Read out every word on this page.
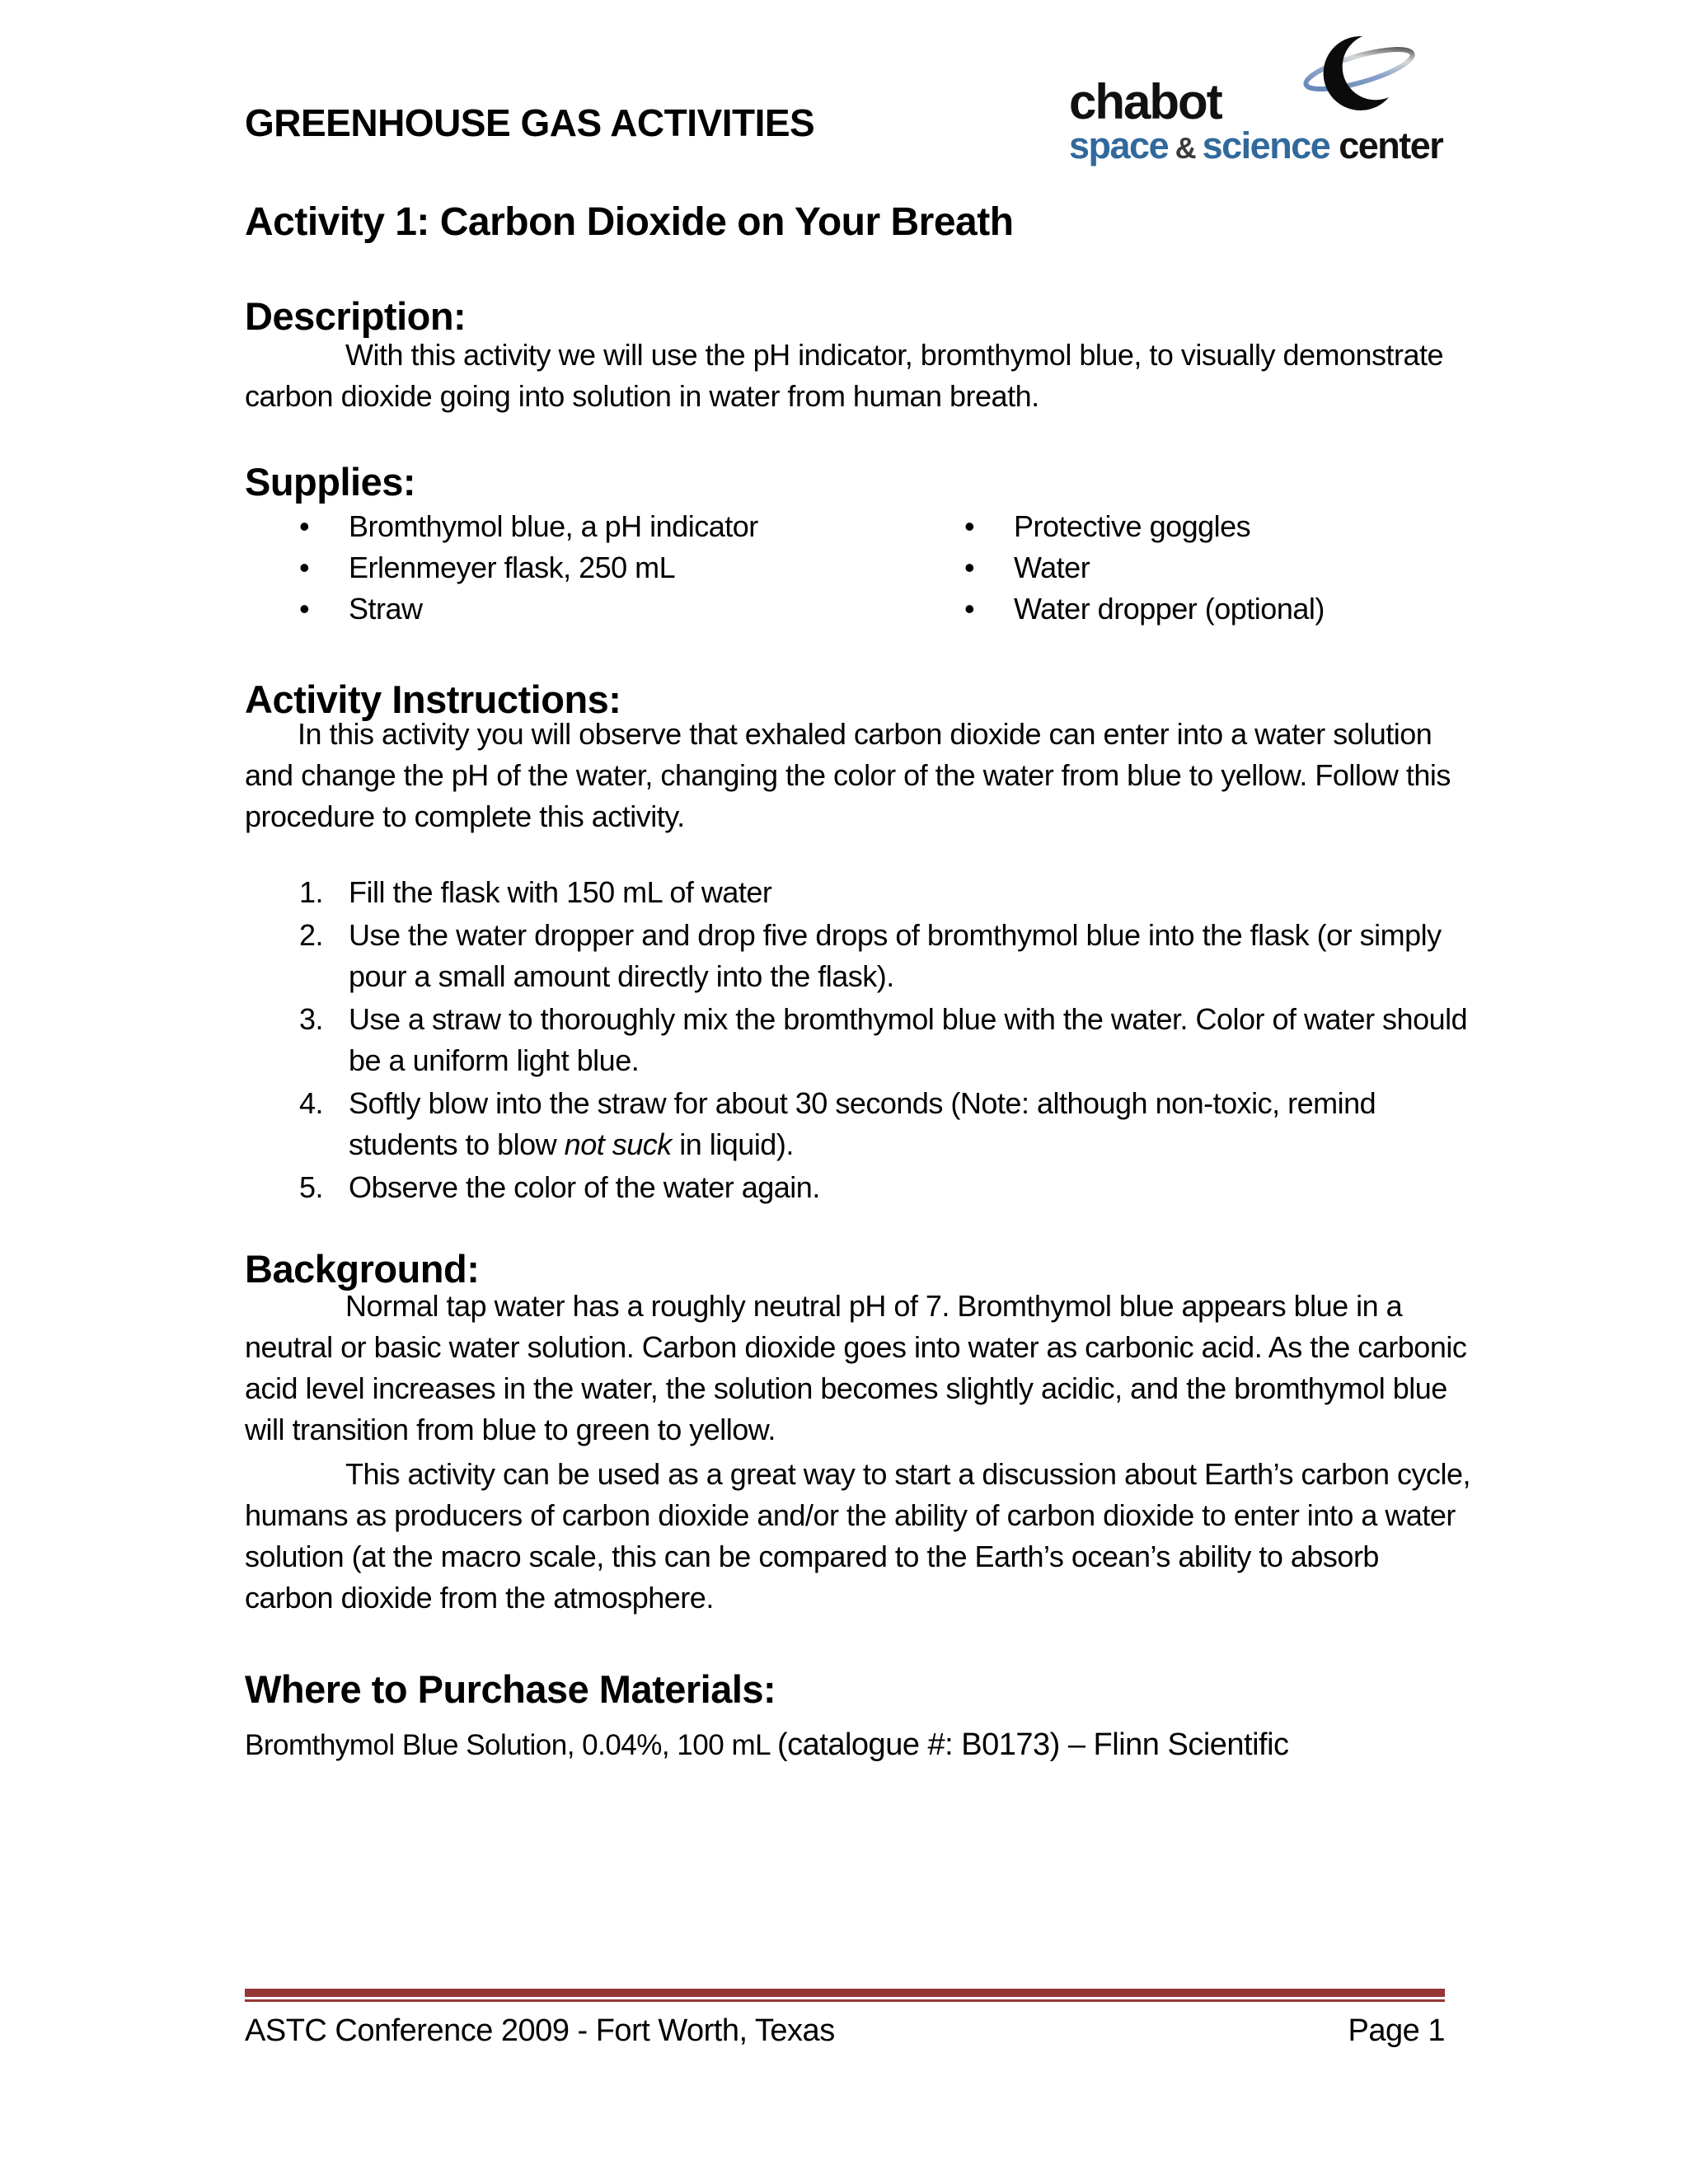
GREENHOUSE GAS ACTIVITIES	chabot
space & science center
Activity 1: Carbon Dioxide on Your Breath
Description:
With this activity we will use the pH indicator, bromthymol blue, to visually demonstrate carbon dioxide going into solution in water from human breath.
Supplies:
• Bromthymol blue, a pH indicator
• Erlenmeyer flask, 250 mL
• Straw
• Protective goggles
• Water
• Water dropper (optional)
Activity Instructions:
In this activity you will observe that exhaled carbon dioxide can enter into a water solution and change the pH of the water, changing the color of the water from blue to yellow. Follow this procedure to complete this activity.
1. Fill the flask with 150 mL of water
2. Use the water dropper and drop five drops of bromthymol blue into the flask (or simply pour a small amount directly into the flask).
3. Use a straw to thoroughly mix the bromthymol blue with the water. Color of water should be a uniform light blue.
4. Softly blow into the straw for about 30 seconds (Note: although non-toxic, remind students to blow not suck in liquid).
5. Observe the color of the water again.
Background:

Normal tap water has a roughly neutral pH of 7. Bromthymol blue appears blue in a neutral or basic water solution. Carbon dioxide goes into water as carbonic acid. As the carbonic acid level increases in the water, the solution becomes slightly acidic, and the bromthymol blue will transition from blue to green to yellow.

This activity can be used as a great way to start a discussion about Earth’s carbon cycle, humans as producers of carbon dioxide and/or the ability of carbon dioxide to enter into a water solution (at the macro scale, this can be compared to the Earth’s ocean’s ability to absorb carbon dioxide from the atmosphere.

Where to Purchase Materials:
Bromthymol Blue Solution, 0.04%, 100 mL (catalogue #: B0173) – Flinn Scientific
ASTC Conference 2009 - Fort Worth, Texas	Page 1
